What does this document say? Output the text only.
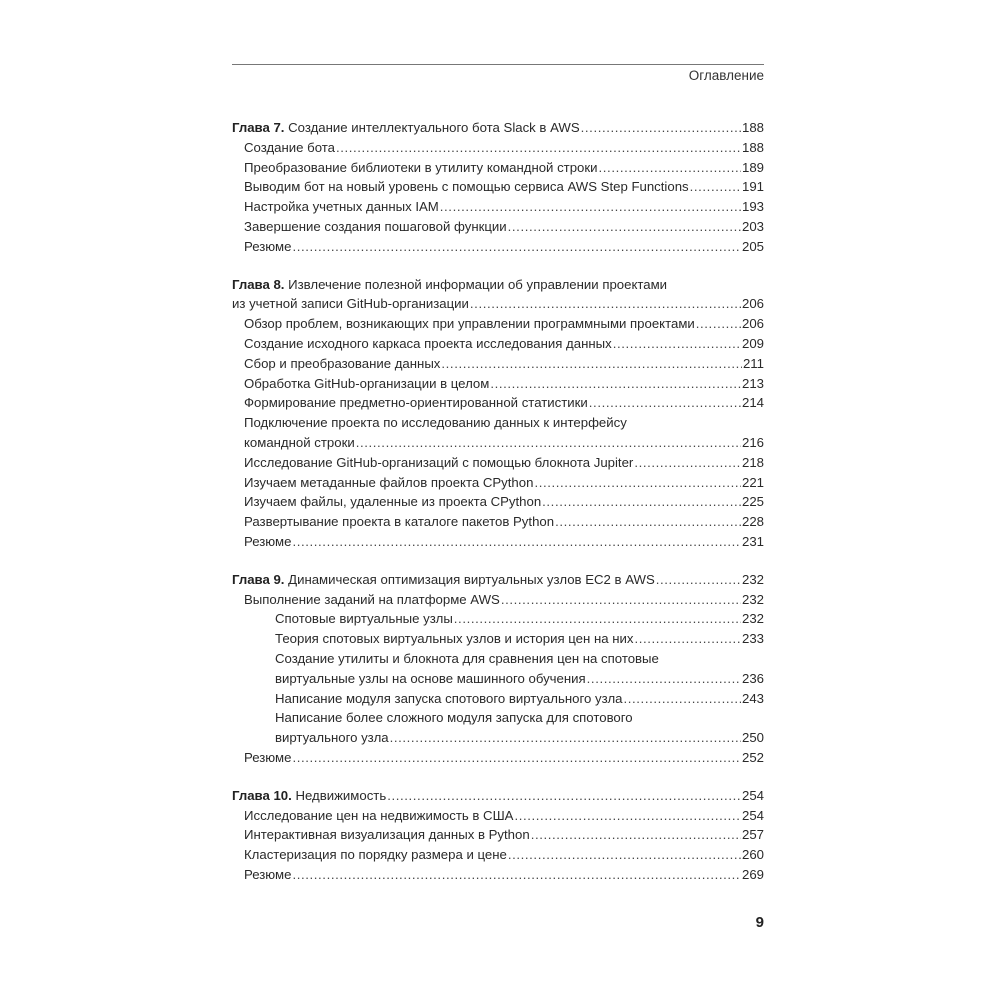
Оглавление
Глава 7. Создание интеллектуального бота Slack в AWS .....	188
Создание бота .....	188
Преобразование библиотеки в утилиту командной строки .....	189
Выводим бот на новый уровень с помощью сервиса AWS Step Functions .....	191
Настройка учетных данных IAM .....	193
Завершение создания пошаговой функции .....	203
Резюме .....	205
Глава 8. Извлечение полезной информации об управлении проектами
из учетной записи GitHub-организации .....	206
Обзор проблем, возникающих при управлении программными проектами .....	206
Создание исходного каркаса проекта исследования данных .....	209
Сбор и преобразование данных .....	211
Обработка GitHub-организации в целом .....	213
Формирование предметно-ориентированной статистики .....	214
Подключение проекта по исследованию данных к интерфейсу
командной строки .....	216
Исследование GitHub-организаций с помощью блокнота Jupiter .....	218
Изучаем метаданные файлов проекта CPython .....	221
Изучаем файлы, удаленные из проекта CPython .....	225
Развертывание проекта в каталоге пакетов Python .....	228
Резюме .....	231
Глава 9. Динамическая оптимизация виртуальных узлов EC2 в AWS .....	232
Выполнение заданий на платформе AWS .....	232
Спотовые виртуальные узлы .....	232
Теория спотовых виртуальных узлов и история цен на них .....	233
Создание утилиты и блокнота для сравнения цен на спотовые
виртуальные узлы на основе машинного обучения .....	236
Написание модуля запуска спотового виртуального узла .....	243
Написание более сложного модуля запуска для спотового
виртуального узла .....	250
Резюме .....	252
Глава 10. Недвижимость .....	254
Исследование цен на недвижимость в США .....	254
Интерактивная визуализация данных в Python .....	257
Кластеризация по порядку размера и цене .....	260
Резюме .....	269
9
